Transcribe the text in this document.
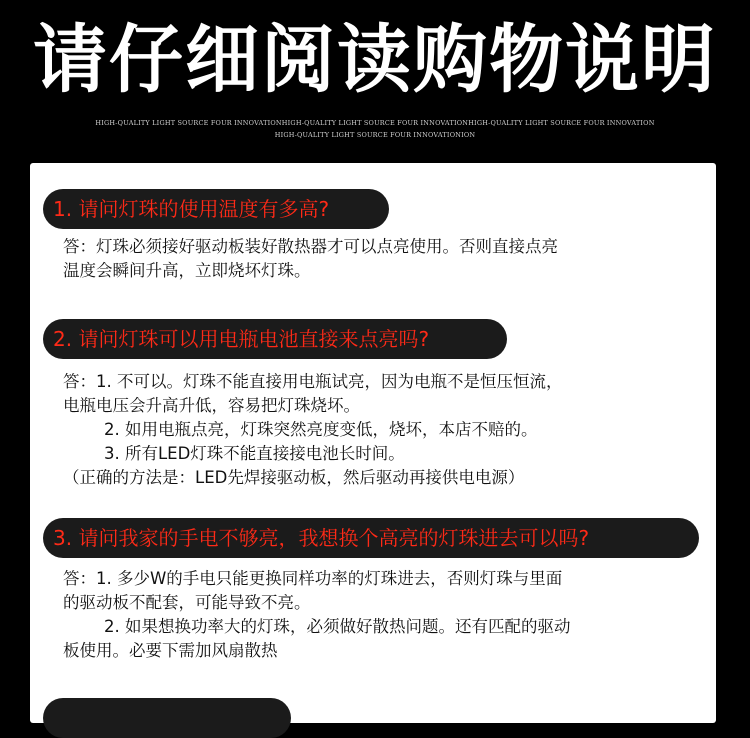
请仔细阅读购物说明
HIGH-QUALITY LIGHT SOURCE FOUR INNOVATIONHIGH-QUALITY LIGHT SOURCE FOUR INNOVATIONHIGH-QUALITY LIGHT SOURCE FOUR INNOVATION
HIGH-QUALITY LIGHT SOURCE FOUR INNOVATIONION
1. 请问灯珠的使用温度有多高?
答：灯珠必须接好驱动板装好散热器才可以点亮使用。否则直接点亮
温度会瞬间升高，立即烧坏灯珠。
2. 请问灯珠可以用电瓶电池直接来点亮吗?
答：1. 不可以。灯珠不能直接用电瓶试亮，因为电瓶不是恒压恒流，
电瓶电压会升高升低，容易把灯珠烧坏。
2. 如用电瓶点亮，灯珠突然亮度变低，烧坏，本店不赔的。
3. 所有LED灯珠不能直接接电池长时间。
（正确的方法是：LED先焊接驱动板，然后驱动再接供电电源）
3. 请问我家的手电不够亮，我想换个高亮的灯珠进去可以吗?
答：1. 多少W的手电只能更换同样功率的灯珠进去，否则灯珠与里面
的驱动板不配套，可能导致不亮。
2. 如果想换功率大的灯珠，必须做好散热问题。还有匹配的驱动
板使用。必要下需加风扇散热
